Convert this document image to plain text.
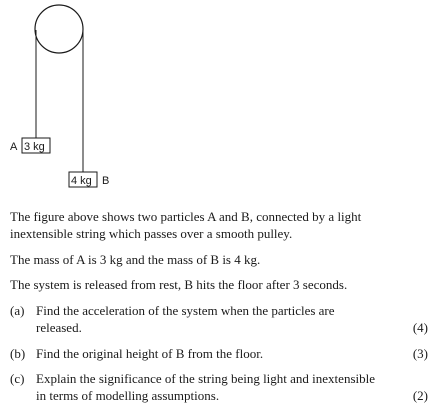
A 3 kg
4 kg B

The figure above shows two particles A and B, connected by a light inextensible string which passes over a smooth pulley.

The mass of A is 3 kg and the mass of B is 4 kg.

The system is released from rest, B hits the floor after 3 seconds.

(a) Find the acceleration of the system when the particles are released.	(4)
(b) Find the original height of B from the floor.	(3)
(c) Explain the significance of the string being light and inextensible in terms of modelling assumptions.	(2)
